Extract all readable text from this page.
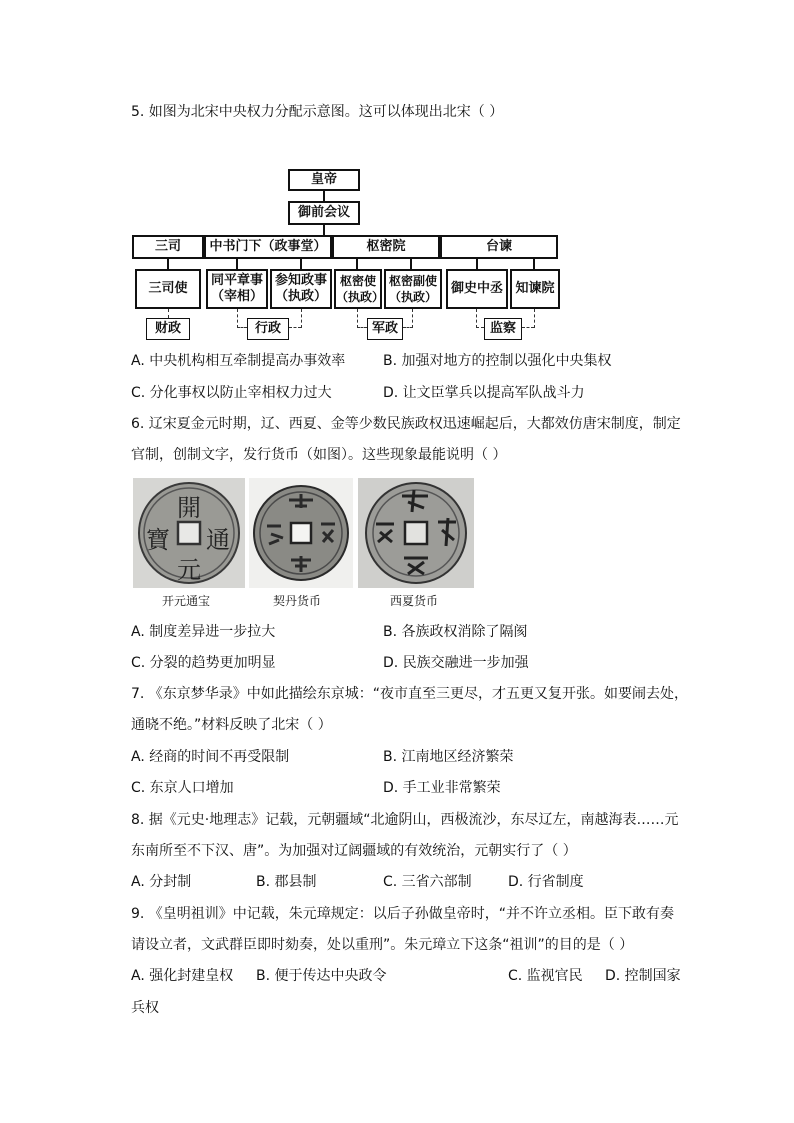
5. 如图为北宋中央权力分配示意图。这可以体现出北宋（ ）
皇帝
御前会议
三司	中书门下（政事堂）	枢密院	台谏
三司使
同平章事
（宰相）
参知政事
（执政）
枢密使
（执政）
枢密副使
（执政）
御史中丞 知谏院
财政	行政	军政	监察
A. 中央机构相互牵制提高办事效率	B. 加强对地方的控制以强化中央集权
C. 分化事权以防止宰相权力过大	D. 让文臣掌兵以提高军队战斗力
6. 辽宋夏金元时期，辽、西夏、金等少数民族政权迅速崛起后，大都效仿唐宋制度，制定
官制，创制文字，发行货币（如图）。这些现象最能说明（ ）
開
通
元
寶
开元通宝	契丹货币	西夏货币
A. 制度差异进一步拉大	B. 各族政权消除了隔阂
C. 分裂的趋势更加明显	D. 民族交融进一步加强
7. 《东京梦华录》中如此描绘东京城：“夜市直至三更尽，才五更又复开张。如要闹去处，
通晓不绝。”材料反映了北宋（ ）
A. 经商的时间不再受限制	B. 江南地区经济繁荣
C. 东京人口增加	D. 手工业非常繁荣
8. 据《元史·地理志》记载，元朝疆域“北逾阴山，西极流沙，东尽辽左，南越海表……元
东南所至不下汉、唐”。为加强对辽阔疆域的有效统治，元朝实行了（ ）
A. 分封制	B. 郡县制	C. 三省六部制	D. 行省制度
9. 《皇明祖训》中记载，朱元璋规定：以后子孙做皇帝时，“并不许立丞相。臣下敢有奏
请设立者，文武群臣即时劾奏，处以重刑”。朱元璋立下这条“祖训”的目的是（ ）
A. 强化封建皇权 B. 便于传达中央政令	C. 监视官民 D. 控制国家
兵权
